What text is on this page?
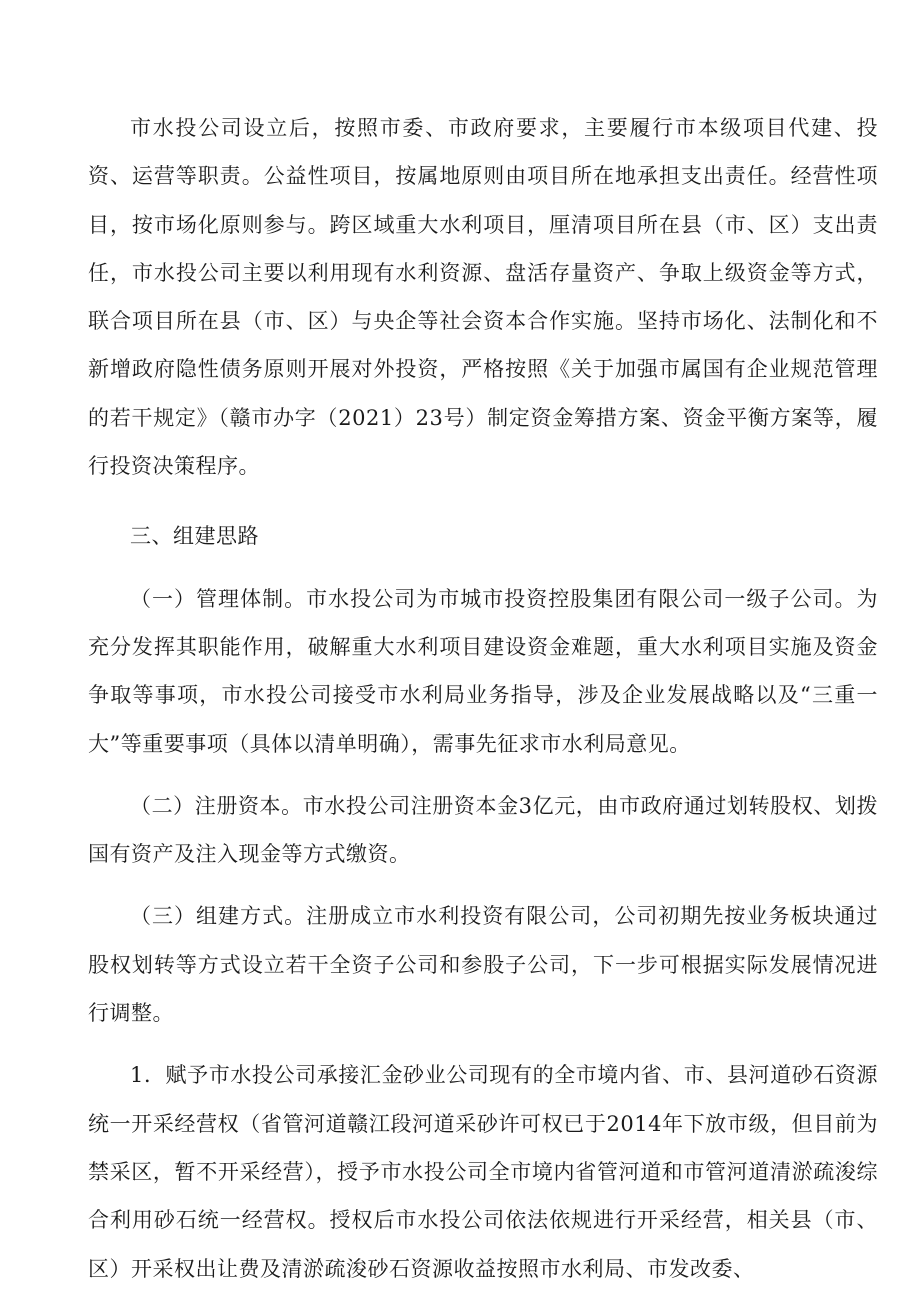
市水投公司设立后，按照市委、市政府要求，主要履行市本级项目代建、投资、运营等职责。公益性项目，按属地原则由项目所在地承担支出责任。经营性项目，按市场化原则参与。跨区域重大水利项目，厘清项目所在县（市、区）支出责任，市水投公司主要以利用现有水利资源、盘活存量资产、争取上级资金等方式，联合项目所在县（市、区）与央企等社会资本合作实施。坚持市场化、法制化和不新增政府隐性债务原则开展对外投资，严格按照《关于加强市属国有企业规范管理的若干规定》（赣市办字（2021）23号）制定资金筹措方案、资金平衡方案等，履行投资决策程序。

三、组建思路

（一）管理体制。市水投公司为市城市投资控股集团有限公司一级子公司。为充分发挥其职能作用，破解重大水利项目建设资金难题，重大水利项目实施及资金争取等事项，市水投公司接受市水利局业务指导，涉及企业发展战略以及“三重一大”等重要事项（具体以清单明确），需事先征求市水利局意见。

（二）注册资本。市水投公司注册资本金3亿元，由市政府通过划转股权、划拨国有资产及注入现金等方式缴资。

（三）组建方式。注册成立市水利投资有限公司，公司初期先按业务板块通过股权划转等方式设立若干全资子公司和参股子公司，下一步可根据实际发展情况进行调整。

1．赋予市水投公司承接汇金砂业公司现有的全市境内省、市、县河道砂石资源统一开采经营权（省管河道赣江段河道采砂许可权已于2014年下放市级，但目前为禁采区，暂不开采经营），授予市水投公司全市境内省管河道和市管河道清淤疏浚综合利用砂石统一经营权。授权后市水投公司依法依规进行开采经营，相关县（市、区）开采权出让费及清淤疏浚砂石资源收益按照市水利局、市发改委、
